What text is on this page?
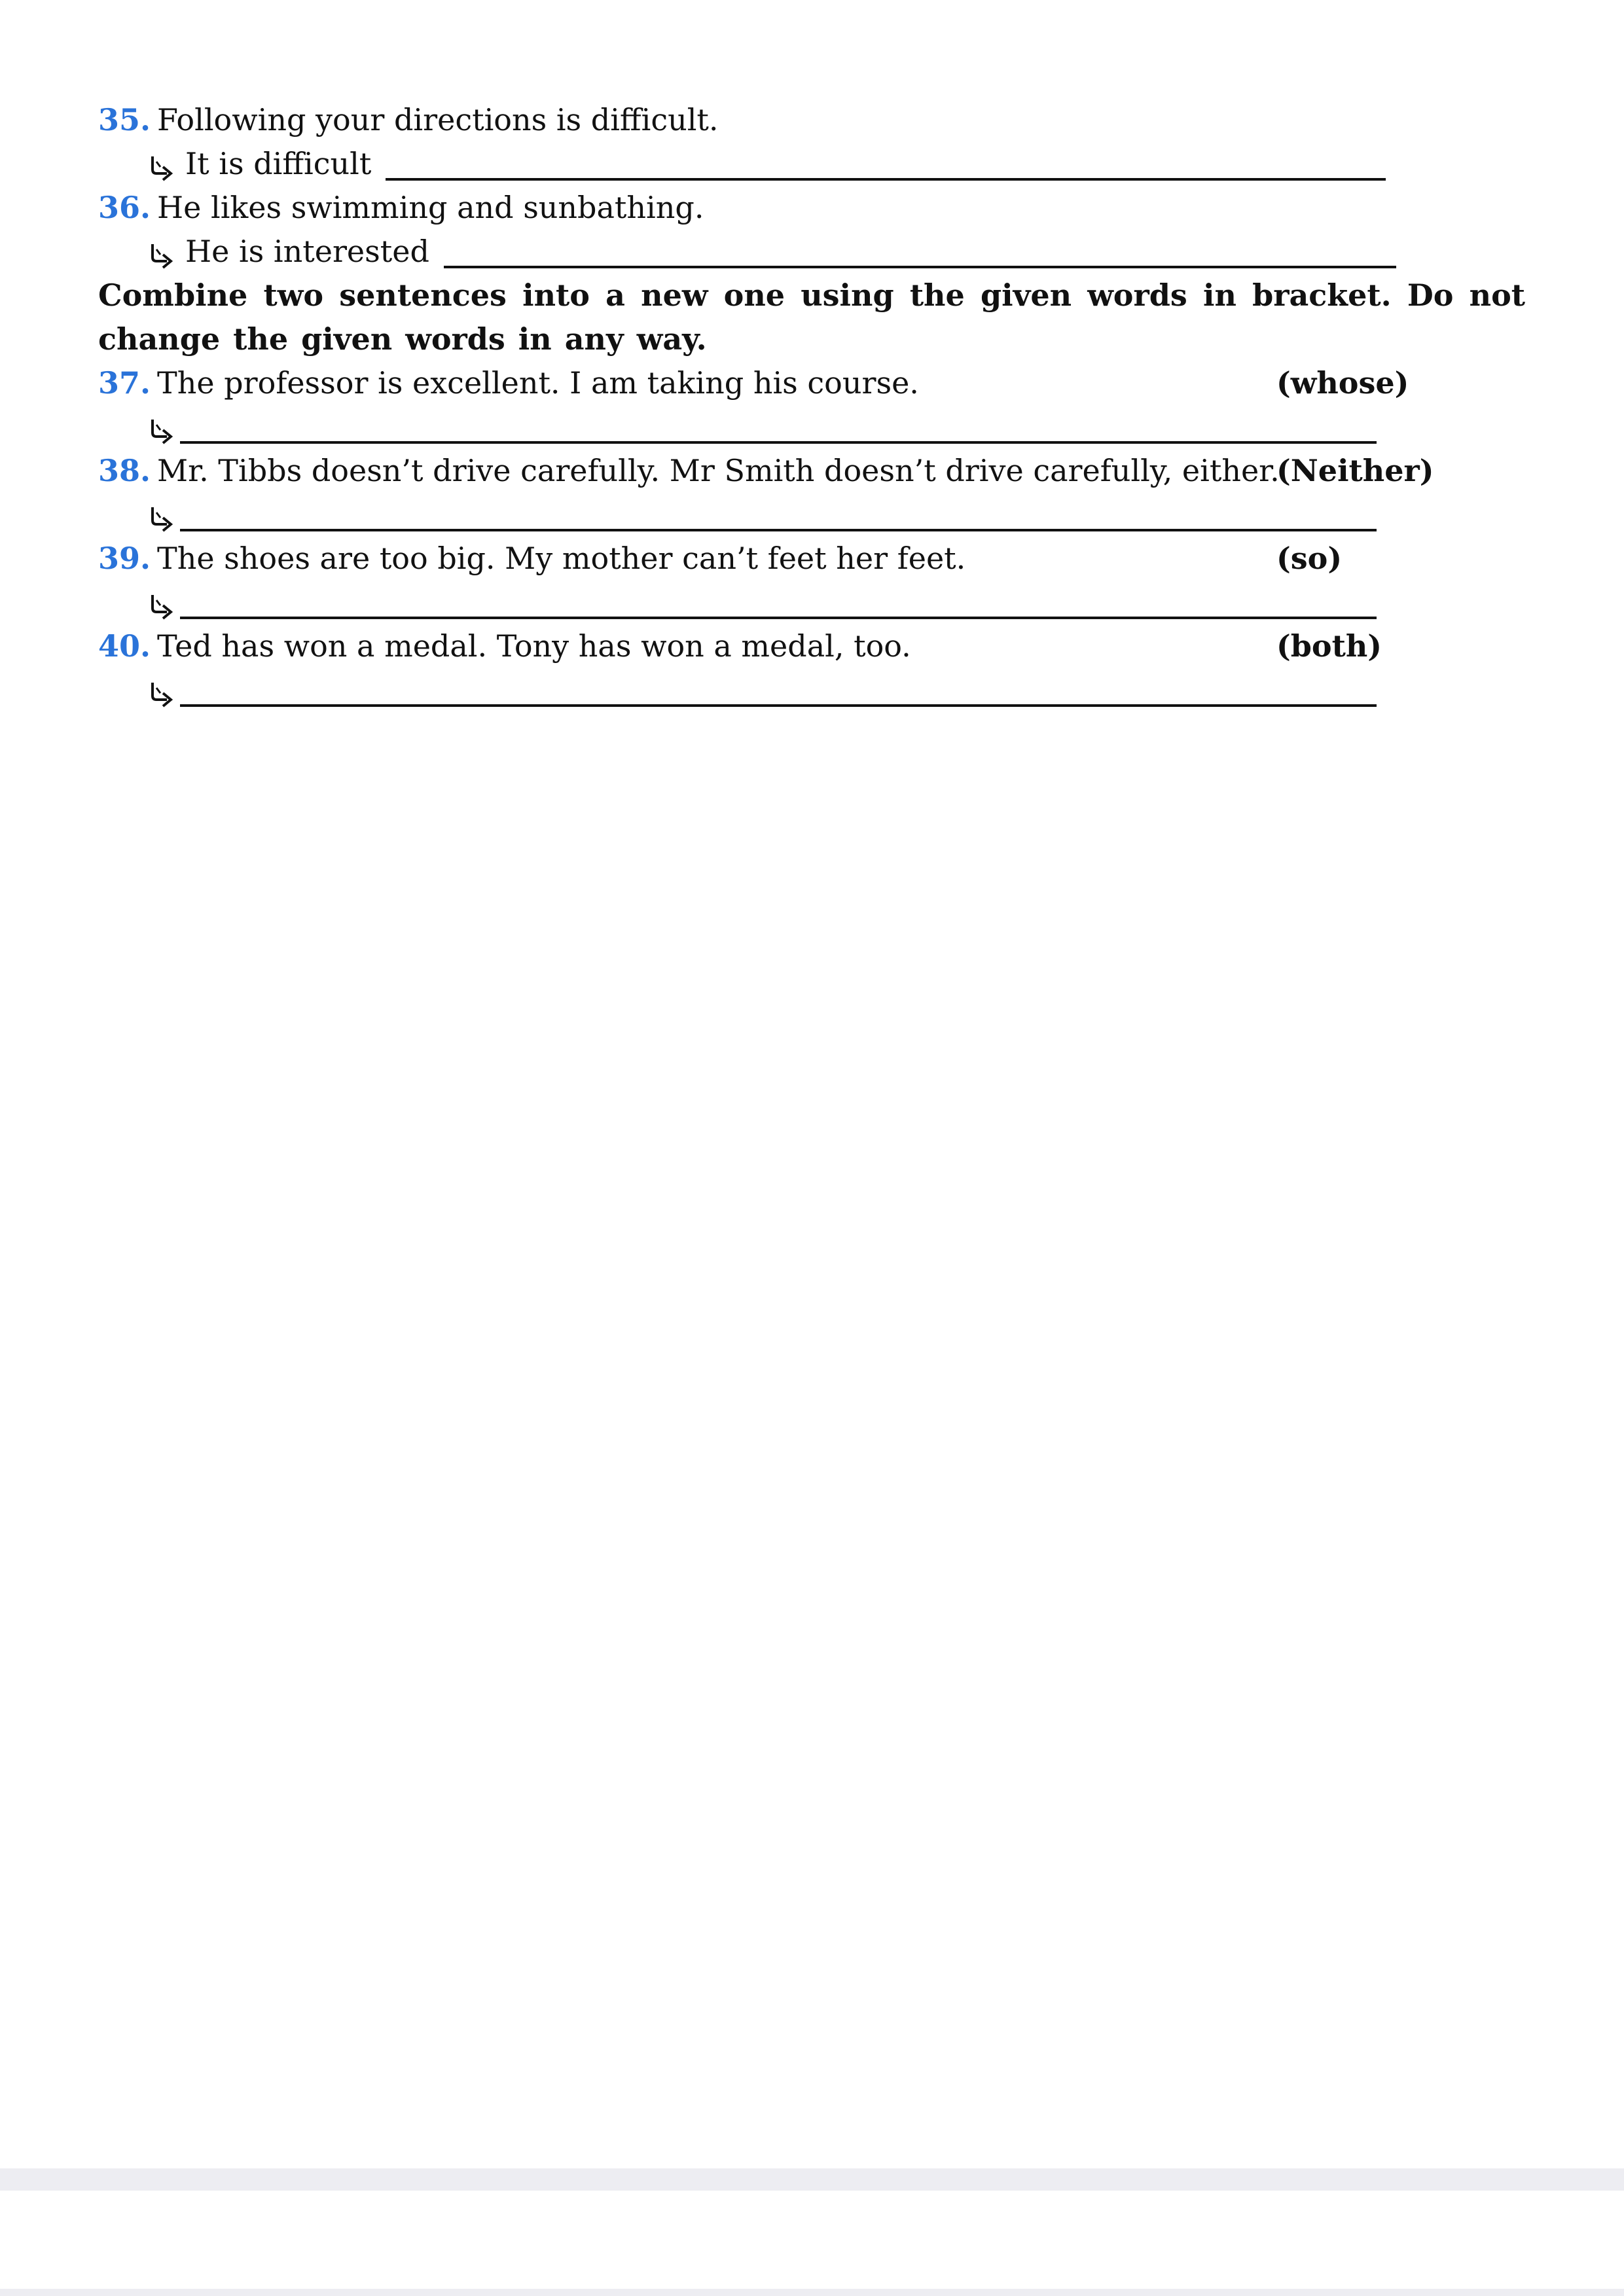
35. Following your directions is difficult.
It is difficult
36. He likes swimming and sunbathing.
He is interested
Combine two sentences into a new one using the given words in bracket. Do not change the given words in any way.
37. The professor is excellent. I am taking his course.	(whose)
38. Mr. Tibbs doesn’t drive carefully. Mr Smith doesn’t drive carefully, either.
(Neither)
39. The shoes are too big. My mother can’t feet her feet.	(so)
40. Ted has won a medal. Tony has won a medal, too.	(both)
